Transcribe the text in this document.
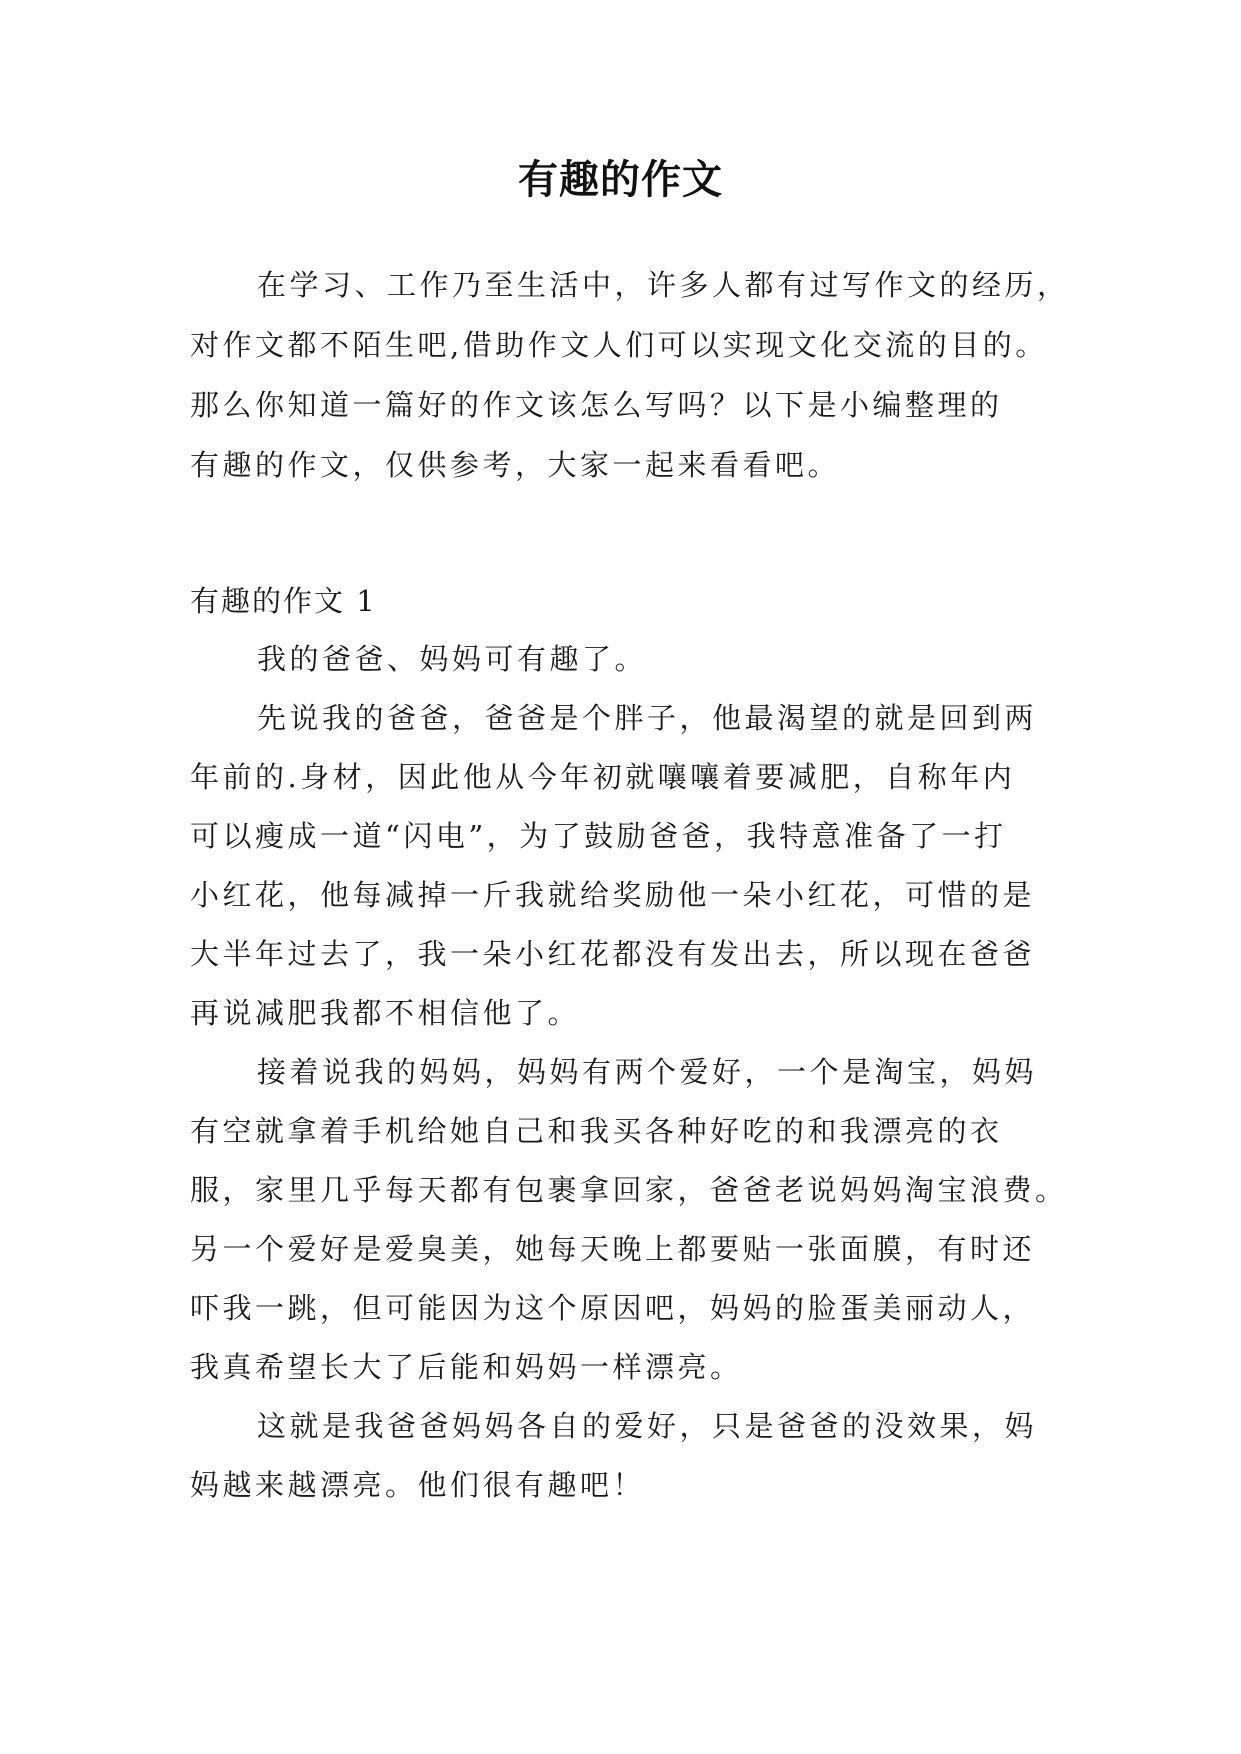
有趣的作文
在学习、工作乃至生活中，许多人都有过写作文的经历，
对作文都不陌生吧,借助作文人们可以实现文化交流的目的。
那么你知道一篇好的作文该怎么写吗？以下是小编整理的
有趣的作文，仅供参考，大家一起来看看吧。
有趣的作文 1
我的爸爸、妈妈可有趣了。
先说我的爸爸，爸爸是个胖子，他最渴望的就是回到两
年前的.身材，因此他从今年初就嚷嚷着要减肥，自称年内
可以瘦成一道“闪电”，为了鼓励爸爸，我特意准备了一打
小红花，他每减掉一斤我就给奖励他一朵小红花，可惜的是
大半年过去了，我一朵小红花都没有发出去，所以现在爸爸
再说减肥我都不相信他了。
接着说我的妈妈，妈妈有两个爱好，一个是淘宝，妈妈
有空就拿着手机给她自己和我买各种好吃的和我漂亮的衣
服，家里几乎每天都有包裹拿回家，爸爸老说妈妈淘宝浪费。
另一个爱好是爱臭美，她每天晚上都要贴一张面膜，有时还
吓我一跳，但可能因为这个原因吧，妈妈的脸蛋美丽动人，
我真希望长大了后能和妈妈一样漂亮。
这就是我爸爸妈妈各自的爱好，只是爸爸的没效果，妈
妈越来越漂亮。他们很有趣吧！
